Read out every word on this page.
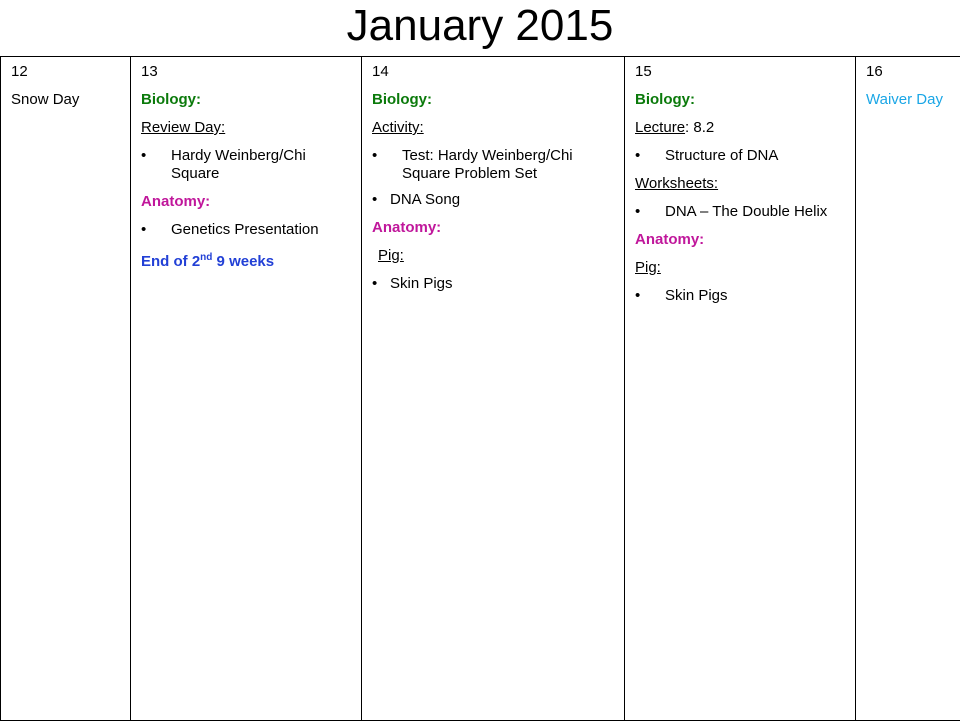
January 2015
12
Snow Day

13
Biology:
Review Day:
• Hardy Weinberg/Chi Square
Anatomy:
• Genetics Presentation
End of 2nd 9 weeks

14
Biology:
Activity:
• Test: Hardy Weinberg/Chi Square Problem Set
• DNA Song
Anatomy:
Pig:
• Skin Pigs

15
Biology:
Lecture: 8.2
• Structure of DNA
Worksheets:
• DNA – The Double Helix
Anatomy:
Pig:
• Skin Pigs

16
Waiver Day
